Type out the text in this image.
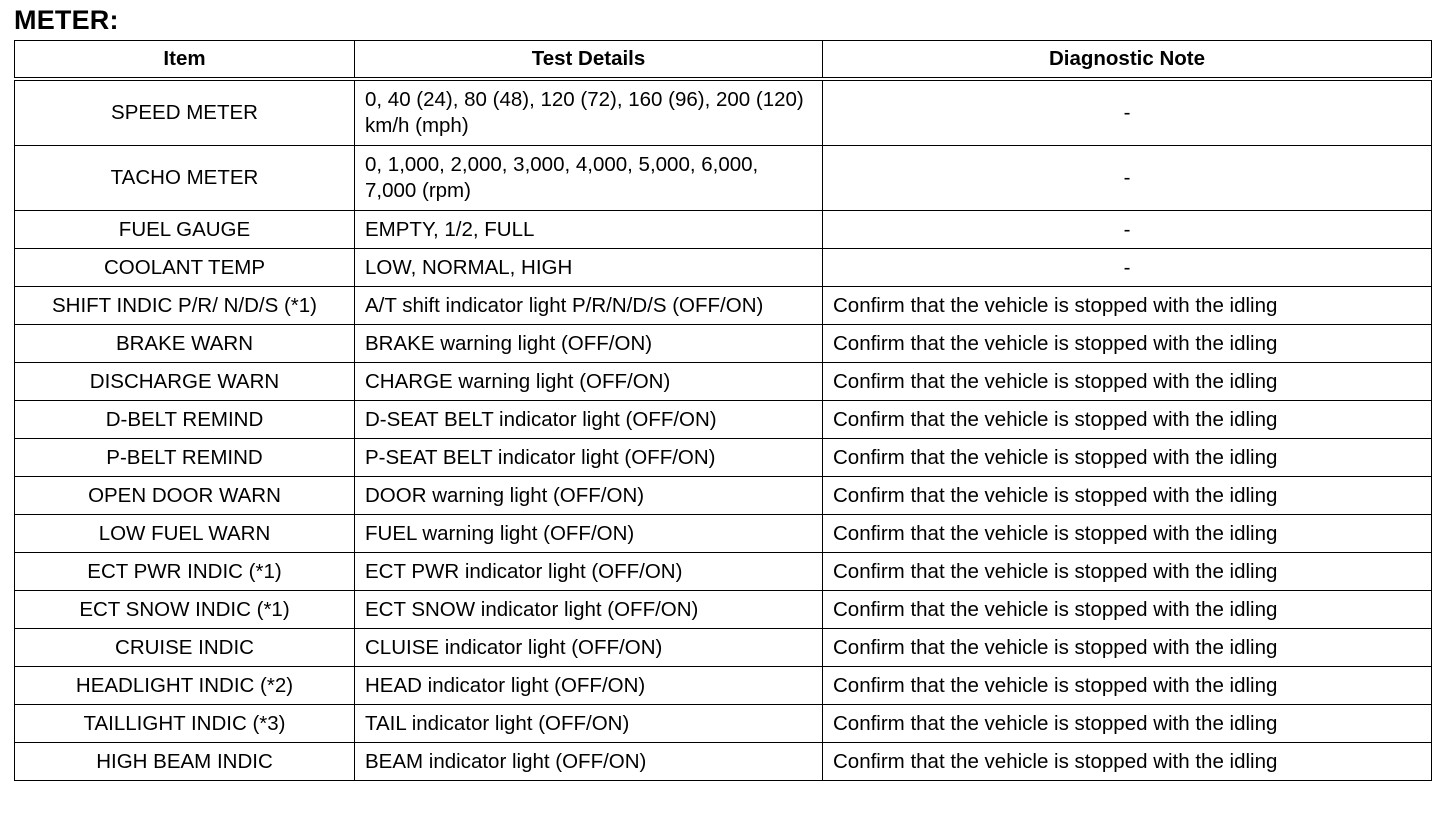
METER:
Item	Test Details	Diagnostic Note
SPEED METER	0, 40 (24), 80 (48), 120 (72), 160 (96), 200 (120) km/h (mph)	-
TACHO METER	0, 1,000, 2,000, 3,000, 4,000, 5,000, 6,000, 7,000 (rpm)	-
FUEL GAUGE	EMPTY, 1/2, FULL	-
COOLANT TEMP	LOW, NORMAL, HIGH	-
SHIFT INDIC P/R/ N/D/S (*1)	A/T shift indicator light P/R/N/D/S (OFF/ON)	Confirm that the vehicle is stopped with the idling
BRAKE WARN	BRAKE warning light (OFF/ON)	Confirm that the vehicle is stopped with the idling
DISCHARGE WARN	CHARGE warning light (OFF/ON)	Confirm that the vehicle is stopped with the idling
D-BELT REMIND	D-SEAT BELT indicator light (OFF/ON)	Confirm that the vehicle is stopped with the idling
P-BELT REMIND	P-SEAT BELT indicator light (OFF/ON)	Confirm that the vehicle is stopped with the idling
OPEN DOOR WARN	DOOR warning light (OFF/ON)	Confirm that the vehicle is stopped with the idling
LOW FUEL WARN	FUEL warning light (OFF/ON)	Confirm that the vehicle is stopped with the idling
ECT PWR INDIC (*1)	ECT PWR indicator light (OFF/ON)	Confirm that the vehicle is stopped with the idling
ECT SNOW INDIC (*1)	ECT SNOW indicator light (OFF/ON)	Confirm that the vehicle is stopped with the idling
CRUISE INDIC	CLUISE indicator light (OFF/ON)	Confirm that the vehicle is stopped with the idling
HEADLIGHT INDIC (*2)	HEAD indicator light (OFF/ON)	Confirm that the vehicle is stopped with the idling
TAILLIGHT INDIC (*3)	TAIL indicator light (OFF/ON)	Confirm that the vehicle is stopped with the idling
HIGH BEAM INDIC	BEAM indicator light (OFF/ON)	Confirm that the vehicle is stopped with the idling
